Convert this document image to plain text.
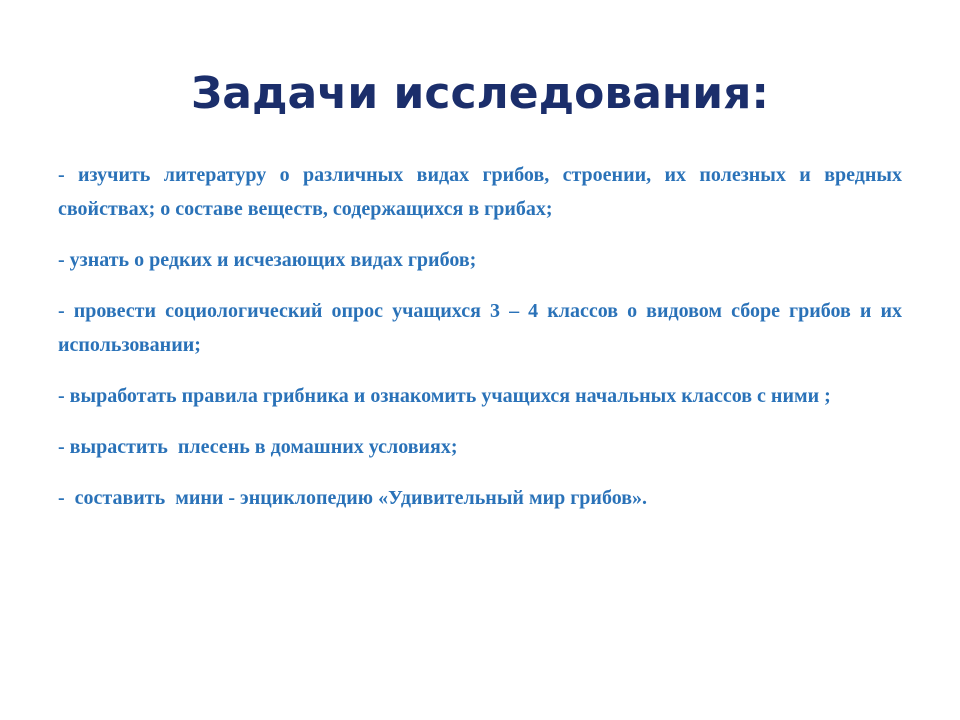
Задачи исследования:
- изучить литературу о различных видах грибов, строении, их полезных и вредных свойствах; о составе веществ, содержащихся в грибах;
- узнать о редких и исчезающих видах грибов;
- провести социологический опрос учащихся 3 – 4 классов о видовом сборе грибов и их использовании;
- выработать правила грибника и ознакомить учащихся начальных классов с ними ;
- вырастить  плесень в домашних условиях;
-  составить  мини - энциклопедию «Удивительный мир грибов».
